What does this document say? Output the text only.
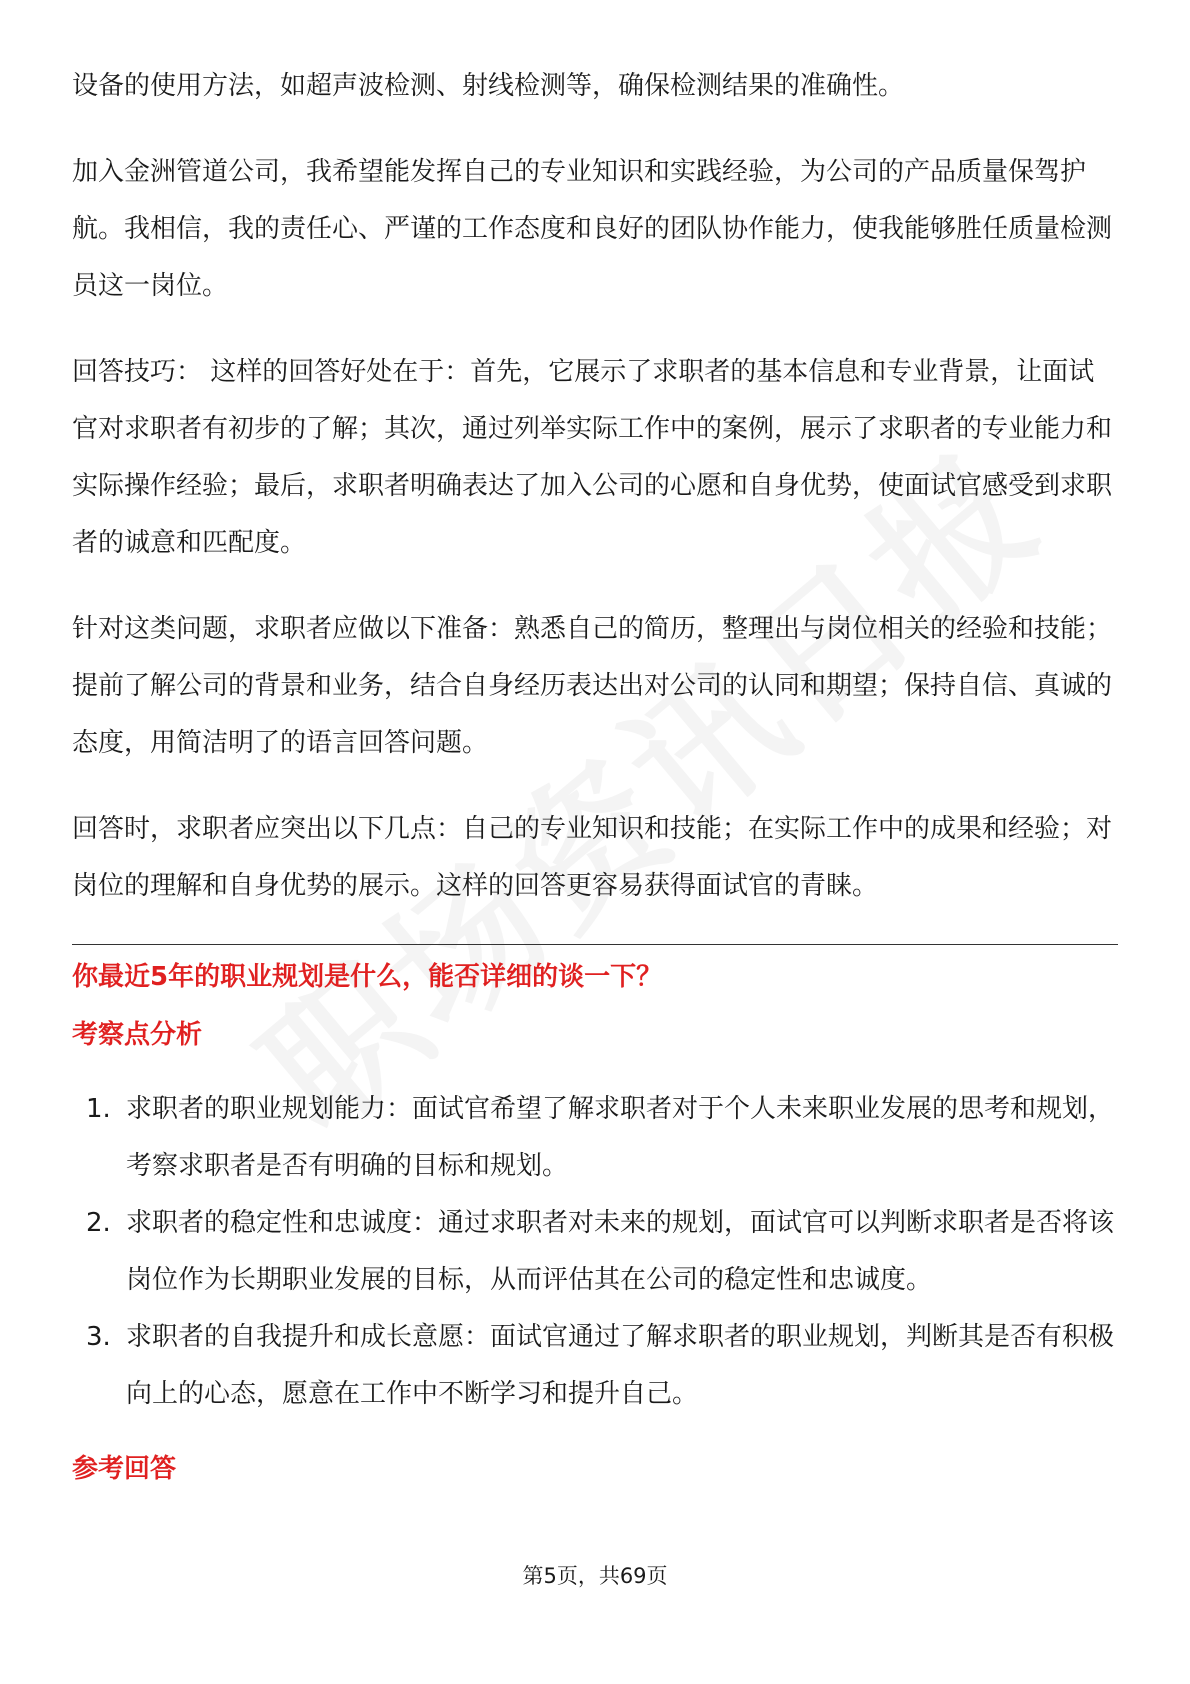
设备的使用方法，如超声波检测、射线检测等，确保检测结果的准确性。

加入金洲管道公司，我希望能发挥自己的专业知识和实践经验，为公司的产品质量保驾护航。我相信，我的责任心、严谨的工作态度和良好的团队协作能力，使我能够胜任质量检测员这一岗位。

回答技巧： 这样的回答好处在于：首先，它展示了求职者的基本信息和专业背景，让面试官对求职者有初步的了解；其次，通过列举实际工作中的案例，展示了求职者的专业能力和实际操作经验；最后，求职者明确表达了加入公司的心愿和自身优势，使面试官感受到求职者的诚意和匹配度。

针对这类问题，求职者应做以下准备：熟悉自己的简历，整理出与岗位相关的经验和技能；提前了解公司的背景和业务，结合自身经历表达出对公司的认同和期望；保持自信、真诚的态度，用简洁明了的语言回答问题。

回答时，求职者应突出以下几点：自己的专业知识和技能；在实际工作中的成果和经验；对岗位的理解和自身优势的展示。这样的回答更容易获得面试官的青睐。

你最近5年的职业规划是什么，能否详细的谈一下？
考察点分析
1. 求职者的职业规划能力：面试官希望了解求职者对于个人未来职业发展的思考和规划，考察求职者是否有明确的目标和规划。
2. 求职者的稳定性和忠诚度：通过求职者对未来的规划，面试官可以判断求职者是否将该岗位作为长期职业发展的目标，从而评估其在公司的稳定性和忠诚度。
3. 求职者的自我提升和成长意愿：面试官通过了解求职者的职业规划，判断其是否有积极向上的心态，愿意在工作中不断学习和提升自己。
参考回答
第5页，共69页
